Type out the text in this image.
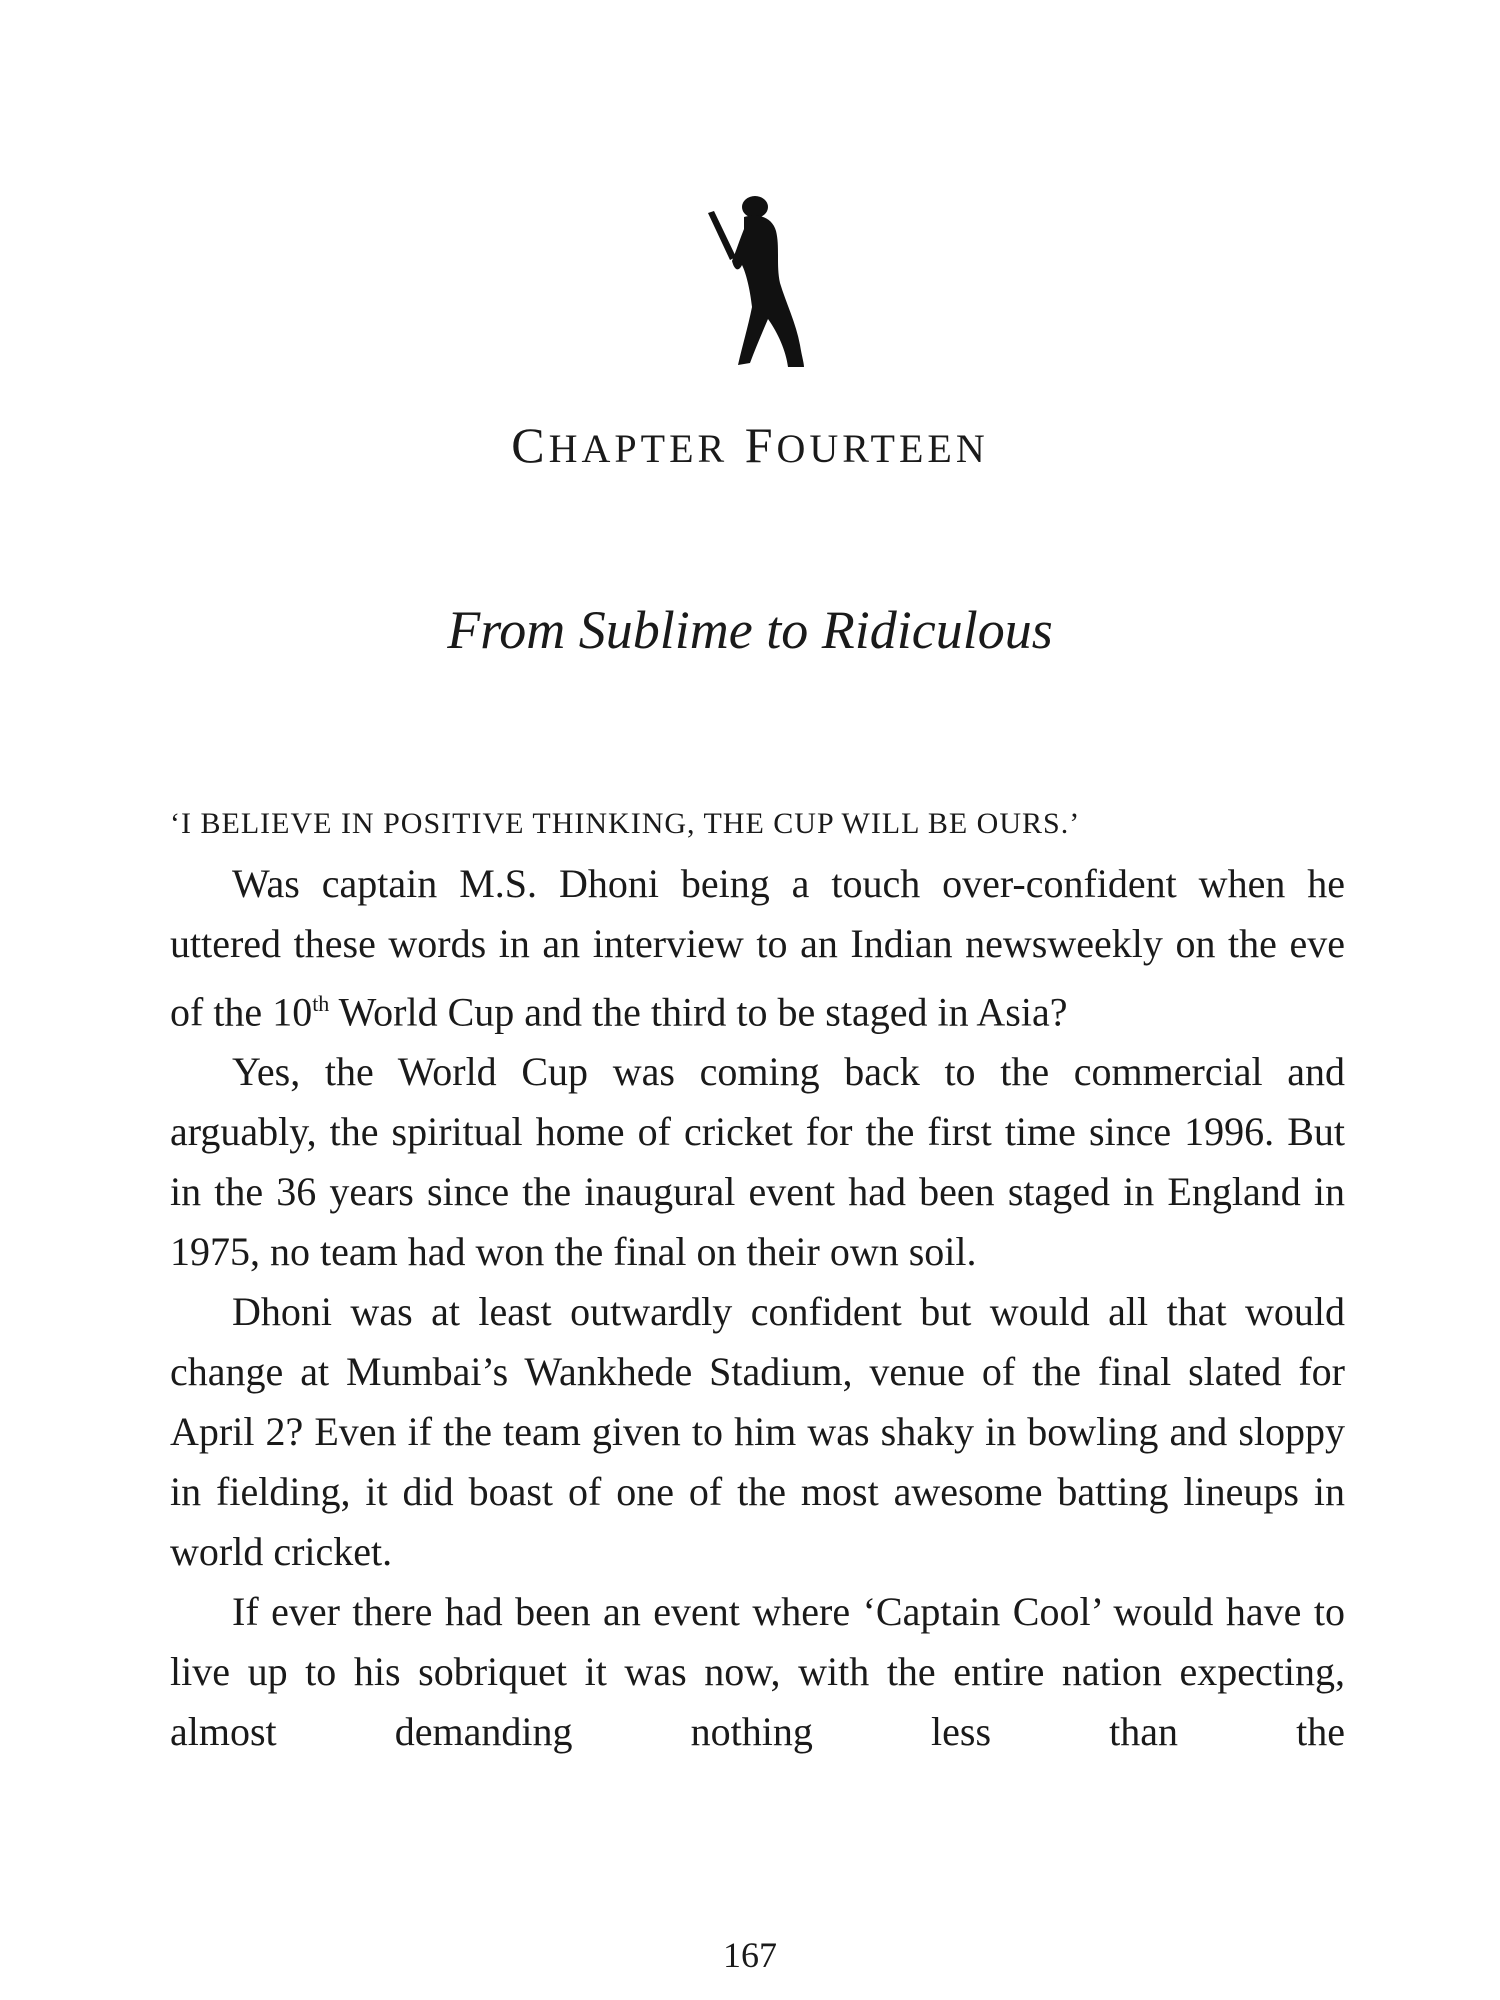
CHAPTER FOURTEEN
From Sublime to Ridiculous

‘I BELIEVE IN POSITIVE THINKING, THE CUP WILL BE OURS.’

Was captain M.S. Dhoni being a touch over-confident when he uttered these words in an interview to an Indian newsweekly on the eve of the 10th World Cup and the third to be staged in Asia?

Yes, the World Cup was coming back to the commercial and arguably, the spiritual home of cricket for the first time since 1996. But in the 36 years since the inaugural event had been staged in England in 1975, no team had won the final on their own soil.

Dhoni was at least outwardly confident but would all that would change at Mumbai’s Wankhede Stadium, venue of the final slated for April 2? Even if the team given to him was shaky in bowling and sloppy in fielding, it did boast of one of the most awesome batting lineups in world cricket.

If ever there had been an event where ‘Captain Cool’ would have to live up to his sobriquet it was now, with the entire nation expecting, almost demanding nothing less than the

167
